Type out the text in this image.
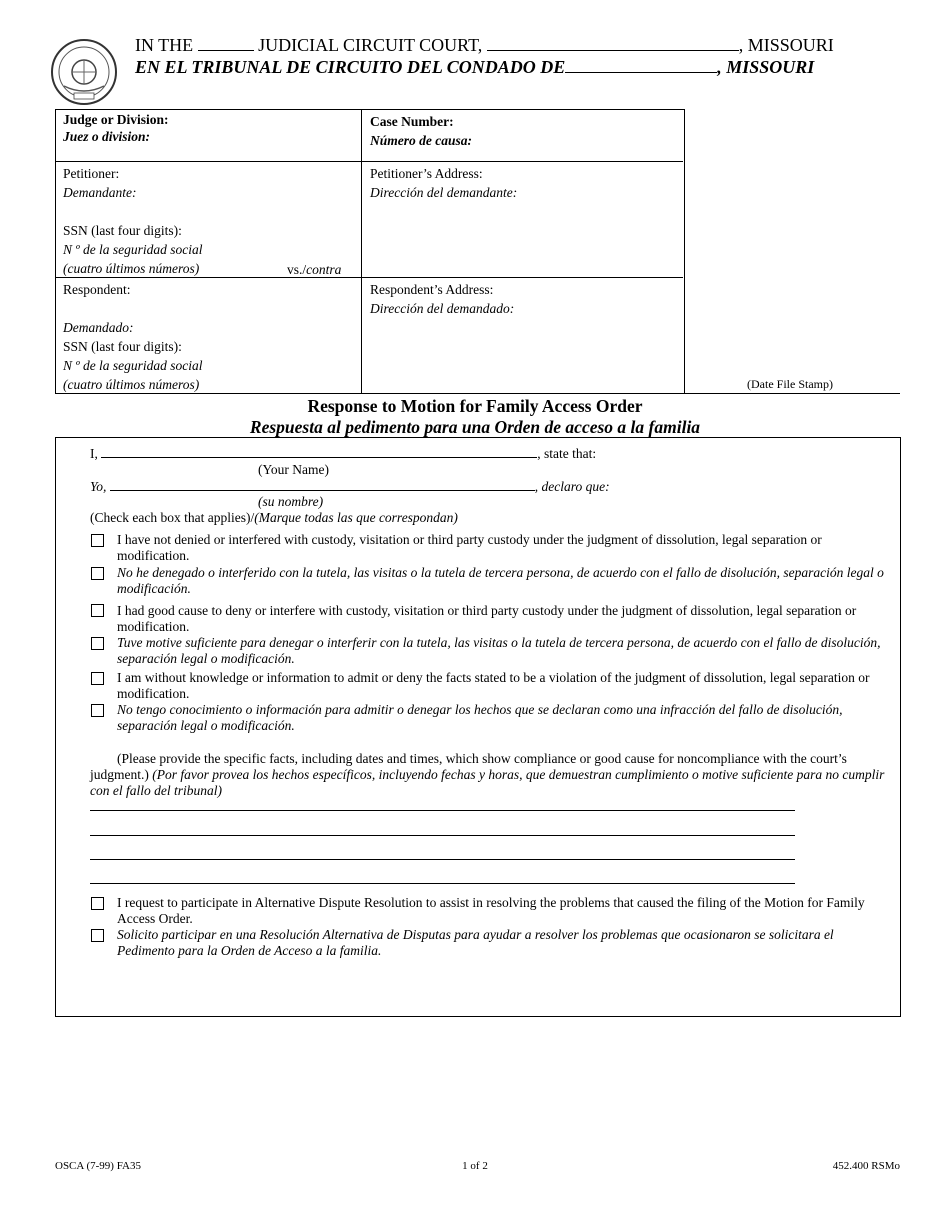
IN THE	JUDICIAL CIRCUIT COURT,	, MISSOURI
EN EL TRIBUNAL DE CIRCUITO DEL CONDADO DE	, MISSOURI
Judge or Division:
Juez o division:
Case Number:
Número de causa:
Petitioner:
Demandante:
SSN (last four digits):
N º de la seguridad social
(cuatro últimos números)	vs./contra
Petitioner’s Address:
Dirección del demandante:
Respondent:
Demandado:
SSN (last four digits):
N º de la seguridad social
(cuatro últimos números)
Respondent’s Address:
Dirección del demandado:
(Date File Stamp)
Response to Motion for Family Access Order
Respuesta al pedimento para una Orden de acceso a la familia
I,	, state that:
(Your Name)
Yo,	, declaro que:
(su nombre)
(Check each box that applies)/(Marque todas las que correspondan)
I have not denied or interfered with custody, visitation or third party custody under the judgment of dissolution, legal separation or modification.
No he denegado o interferido con la tutela, las visitas o la tutela de tercera persona, de acuerdo con el fallo de disolución, separación legal o modificación.
I had good cause to deny or interfere with custody, visitation or third party custody under the judgment of dissolution, legal separation or modification.
Tuve motive suficiente para denegar o interferir con la tutela, las visitas o la tutela de tercera persona, de acuerdo con el fallo de disolución, separación legal o modificación.
I am without knowledge or information to admit or deny the facts stated to be a violation of the judgment of dissolution, legal separation or modification.
No tengo conocimiento o información para admitir o denegar los hechos que se declaran como una infracción del fallo de disolución, separación legal o modificación.
(Please provide the specific facts, including dates and times, which show compliance or good cause for noncompliance with the court’s judgment.) (Por favor provea los hechos específicos, incluyendo fechas y horas, que demuestran cumplimiento o motive suficiente para no cumplir con el fallo del tribunal)
I request to participate in Alternative Dispute Resolution to assist in resolving the problems that caused the filing of the Motion for Family Access Order.
Solicito participar en una Resolución Alternativa de Disputas para ayudar a resolver los problemas que ocasionaron se solicitara el Pedimento para la Orden de Acceso a la familia.
OSCA (7-99) FA35	1 of 2	452.400 RSMo
